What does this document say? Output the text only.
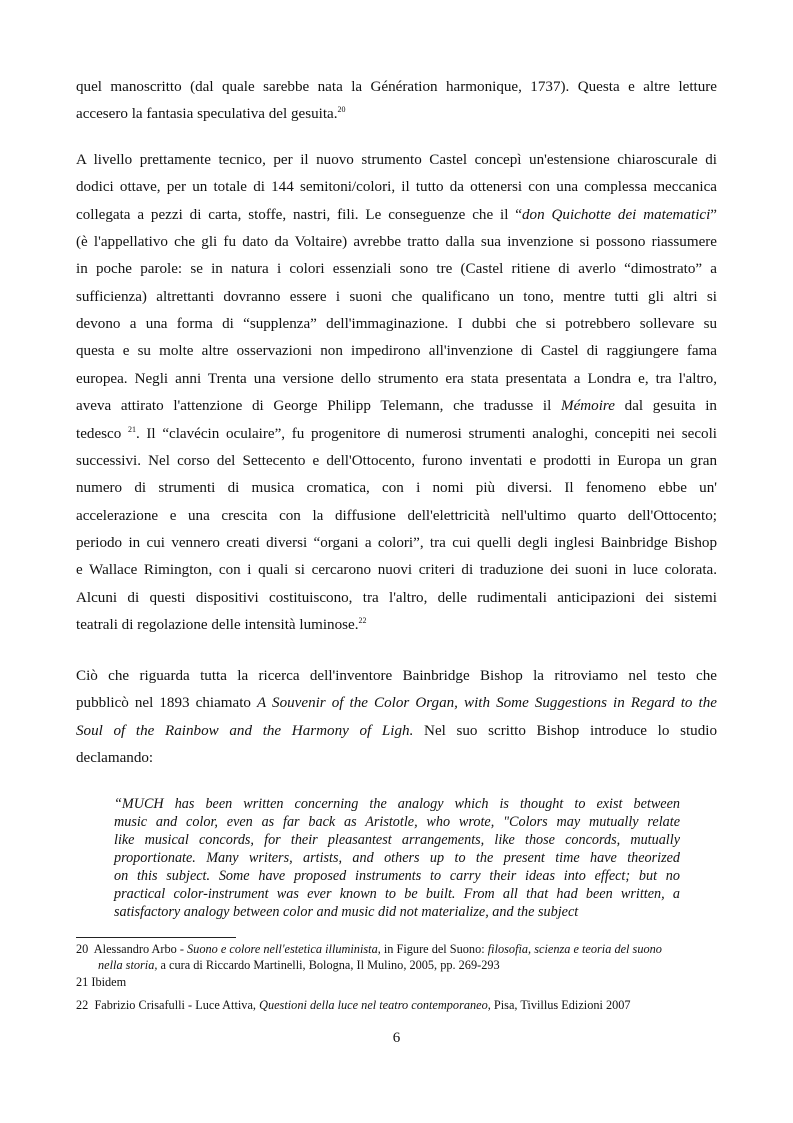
quel manoscritto (dal quale sarebbe nata la Génération harmonique, 1737). Questa e altre letture
accesero la fantasia speculativa del gesuita.$^{20}$
A livello prettamente tecnico, per il nuovo strumento Castel concepì un'estensione chiaroscurale di
dodici ottave, per un totale di 144 semitoni/colori, il tutto da ottenersi con una complessa meccanica
collegata a pezzi di carta, stoffe, nastri, fili. Le conseguenze che il “don Quichotte dei matematici”
(è l'appellativo che gli fu dato da Voltaire) avrebbe tratto dalla sua invenzione si possono riassumere
in poche parole: se in natura i colori essenziali sono tre (Castel ritiene di averlo “dimostrato” a
sufficienza) altrettanti dovranno essere i suoni che qualificano un tono, mentre tutti gli altri si
devono a una forma di “supplenza” dell'immaginazione. I dubbi che si potrebbero sollevare su
questa e su molte altre osservazioni non impedirono all'invenzione di Castel di raggiungere fama
europea. Negli anni Trenta una versione dello strumento era stata presentata a Londra e, tra l'altro,
aveva attirato l'attenzione di George Philipp Telemann, che tradusse il Mémoire dal gesuita in
tedesco $^{21}$. Il “clavécin oculaire”, fu progenitore di numerosi strumenti analoghi, concepiti nei secoli
successivi. Nel corso del Settecento e dell'Ottocento, furono inventati e prodotti in Europa un gran
numero di strumenti di musica cromatica, con i nomi più diversi. Il fenomeno ebbe un'
accelerazione e una crescita con la diffusione dell'elettricità nell'ultimo quarto dell'Ottocento;
periodo in cui vennero creati diversi “organi a colori”, tra cui quelli degli inglesi Bainbridge Bishop
e Wallace Rimington, con i quali si cercarono nuovi criteri di traduzione dei suoni in luce colorata.
Alcuni di questi dispositivi costituiscono, tra l'altro, delle rudimentali anticipazioni dei sistemi
teatrali di regolazione delle intensità luminose.$^{22}$
Ciò che riguarda tutta la ricerca dell'inventore Bainbridge Bishop la ritroviamo nel testo che
pubblicò nel 1893 chiamato A Souvenir of the Color Organ, with Some Suggestions in Regard to the
Soul of the Rainbow and the Harmony of Ligh. Nel suo scritto Bishop introduce lo studio
declamando:
“MUCH has been written concerning the analogy which is thought to exist between
music and color, even as far back as Aristotle, who wrote, "Colors may mutually relate
like musical concords, for their pleasantest arrangements, like those concords, mutually
proportionate. Many writers, artists, and others up to the present time have theorized
on this subject. Some have proposed instruments to carry their ideas into effect; but no
practical color-instrument was ever known to be built. From all that had been written, a
satisfactory analogy between color and music did not materialize, and the subject
20 Alessandro Arbo - Suono e colore nell'estetica illuminista, in Figure del Suono: filosofia, scienza e teoria del suono
nella storia, a cura di Riccardo Martinelli, Bologna, Il Mulino, 2005, pp. 269-293
21 Ibidem
22 Fabrizio Crisafulli - Luce Attiva, Questioni della luce nel teatro contemporaneo, Pisa, Tivillus Edizioni 2007
6
